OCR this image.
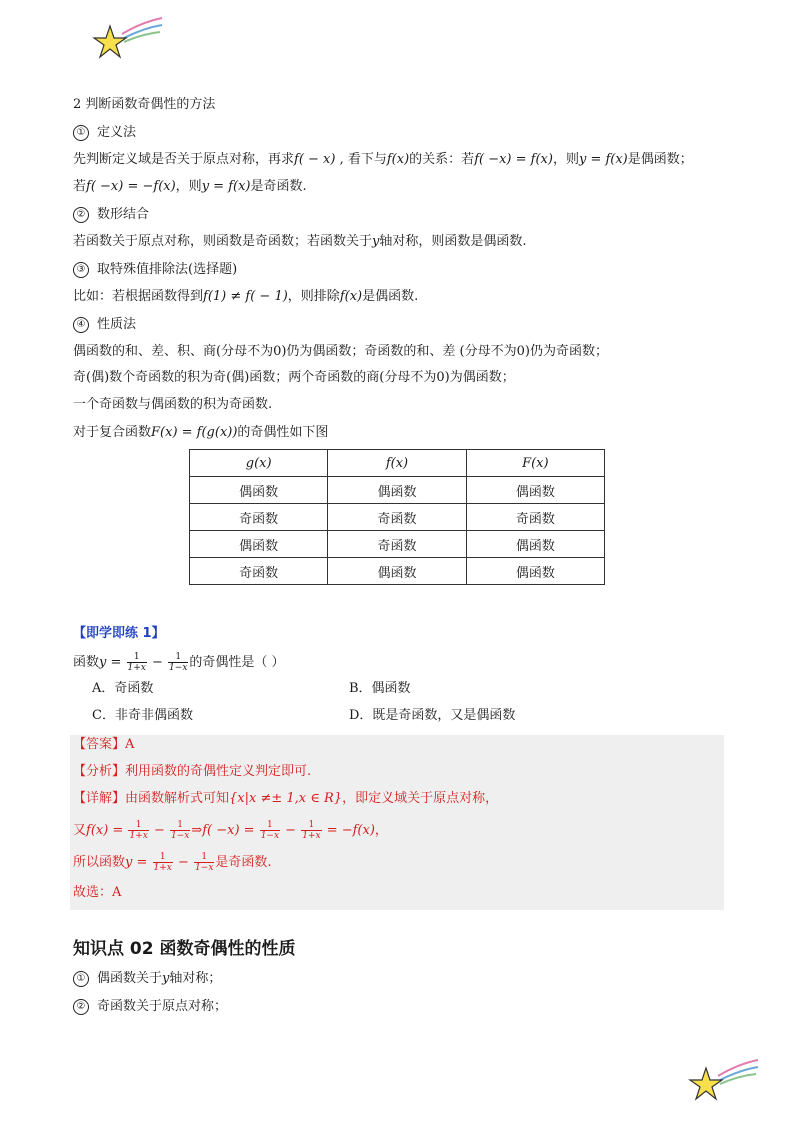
2 判断函数奇偶性的方法
① 定义法
先判断定义域是否关于原点对称，再求f( − x) , 看下与f(x)的关系：若f( −x) = f(x)，则y = f(x)是偶函数；
若f( −x) = −f(x)，则y = f(x)是奇函数.
② 数形结合
若函数关于原点对称，则函数是奇函数；若函数关于y轴对称，则函数是偶函数.
③ 取特殊值排除法(选择题)
比如：若根据函数得到f(1) ≠ f( − 1)，则排除f(x)是偶函数.
④ 性质法
偶函数的和、差、积、商(分母不为0)仍为偶函数；奇函数的和、差 (分母不为0)仍为奇函数；
奇(偶)数个奇函数的积为奇(偶)函数；两个奇函数的商(分母不为0)为偶函数；
一个奇函数与偶函数的积为奇函数.
对于复合函数F(x) = f(g(x))的奇偶性如下图
g(x)	f(x)	F(x)
偶函数	偶函数	偶函数
奇函数	奇函数	奇函数
偶函数	奇函数	偶函数
奇函数	偶函数	偶函数
【即学即练 1】
函数$y = \frac{1}{1+x} - \frac{1}{1-x}$ 的奇偶性是（ ）
A．奇函数	B．偶函数
C．非奇非偶函数	D．既是奇函数，又是偶函数
【答案】A
【分析】利用函数的奇偶性定义判定即可.
【详解】由函数解析式可知{x|x ≠± 1,x ∈ R}，即定义域关于原点对称，
又$f(x) = \frac{1}{1+x} - \frac{1}{1-x}$ ⇒f( $-x) = \frac{1}{1-x} - \frac{1}{1+x} = -f(x)$，
所以函数$y = \frac{1}{1+x} - \frac{1}{1-x}$ 是奇函数.
故选：A
知识点 02 函数奇偶性的性质
① 偶函数关于y轴对称；
② 奇函数关于原点对称；
